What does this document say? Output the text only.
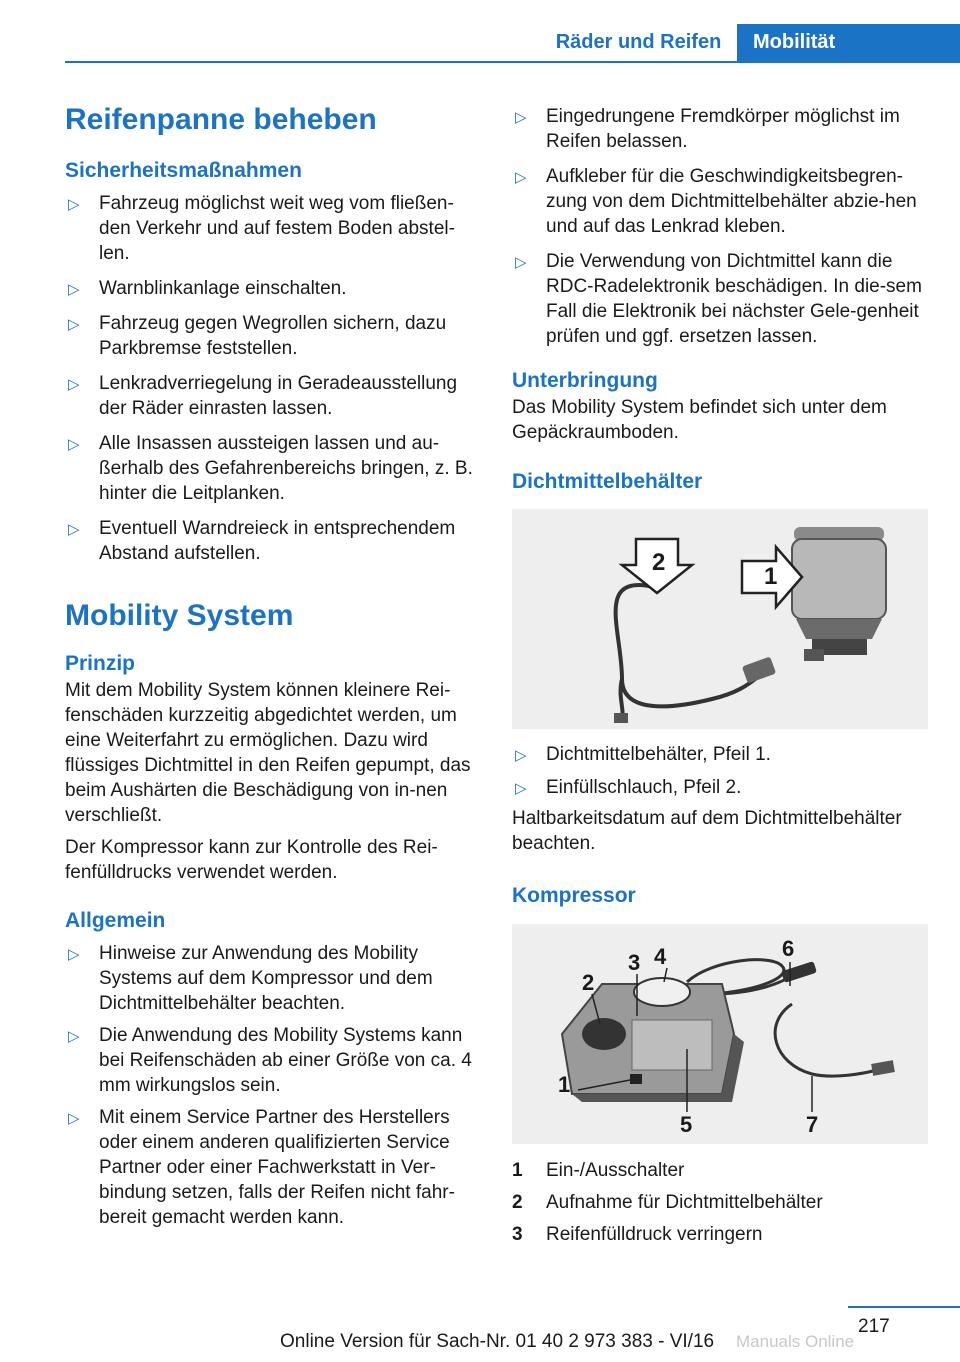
Räder und Reifen	Mobilität
Reifenpanne beheben
Sicherheitsmaßnahmen
▷ Fahrzeug möglichst weit weg vom fließen-den Verkehr und auf festem Boden abstel-len.
▷ Warnblinkanlage einschalten.
▷ Fahrzeug gegen Wegrollen sichern, dazu Parkbremse feststellen.
▷ Lenkradverriegelung in Geradeausstellung der Räder einrasten lassen.
▷ Alle Insassen aussteigen lassen und au-ßerhalb des Gefahrenbereichs bringen, z. B. hinter die Leitplanken.
▷ Eventuell Warndreieck in entsprechendem Abstand aufstellen.
Mobility System
Prinzip

Mit dem Mobility System können kleinere Rei-fenschäden kurzzeitig abgedichtet werden, um eine Weiterfahrt zu ermöglichen. Dazu wird flüssiges Dichtmittel in den Reifen gepumpt, das beim Aushärten die Beschädigung von in-nen verschließt.

Der Kompressor kann zur Kontrolle des Rei-fenfülldrucks verwendet werden.

Allgemein
▷ Hinweise zur Anwendung des Mobility Systems auf dem Kompressor und dem Dichtmittelbehälter beachten.
▷ Die Anwendung des Mobility Systems kann bei Reifenschäden ab einer Größe von ca. 4 mm wirkungslos sein.
▷ Mit einem Service Partner des Herstellers oder einem anderen qualifizierten Service Partner oder einer Fachwerkstatt in Ver-bindung setzen, falls der Reifen nicht fahr-bereit gemacht werden kann.
▷ Eingedrungene Fremdkörper möglichst im Reifen belassen.
▷ Aufkleber für die Geschwindigkeitsbegren-zung von dem Dichtmittelbehälter abzie-hen und auf das Lenkrad kleben.
▷ Die Verwendung von Dichtmittel kann die RDC-Radelektronik beschädigen. In die-sem Fall die Elektronik bei nächster Gele-genheit prüfen und ggf. ersetzen lassen.
Unterbringung

Das Mobility System befindet sich unter dem Gepäckraumboden.

Dichtmittelbehälter
2
1
▷ Dichtmittelbehälter, Pfeil 1.
▷ Einfüllschlauch, Pfeil 2.

Haltbarkeitsdatum auf dem Dichtmittelbehälter beachten.

Kompressor
1
2
3 4
5
6
7
1	Ein-/Ausschalter
2	Aufnahme für Dichtmittelbehälter
3	Reifenfülldruck verringern
217
Online Version für Sach-Nr. 01 40 2 973 383 - VI/16 Manuals Online
